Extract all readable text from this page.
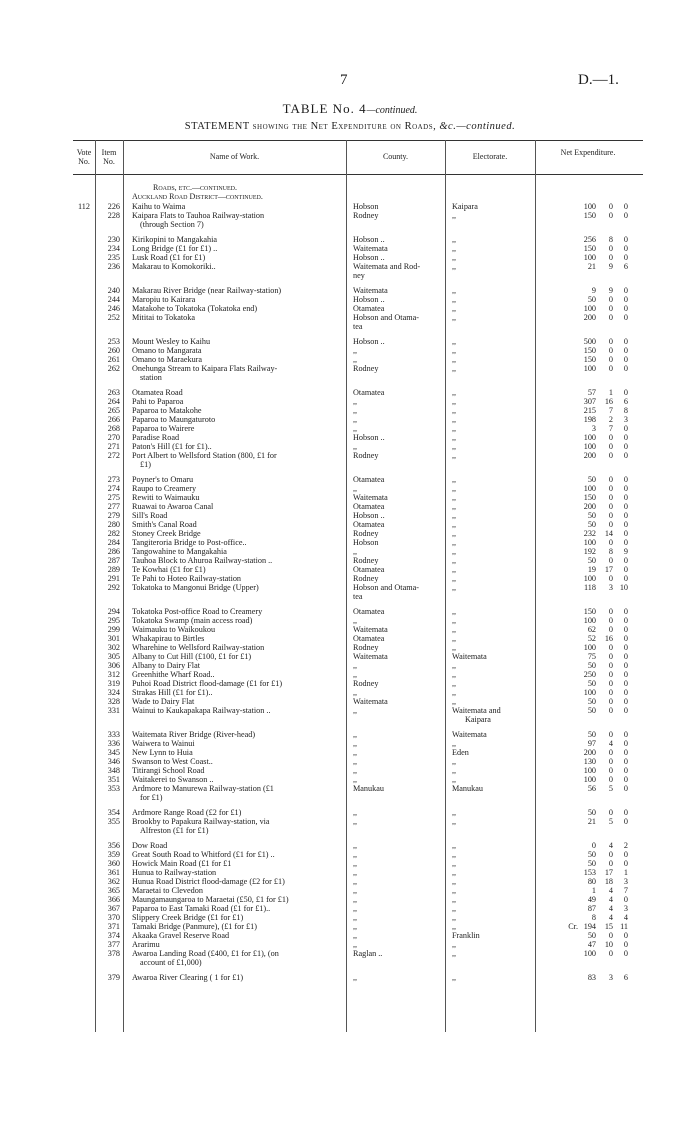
7	D.—1.
TABLE No. 4—continued.
STATEMENT showing the Net Expenditure on Roads, &c.—continued.
Vote No.
Item No.
Name of Work.	County.	Electorate.	Net Expenditure.
Roads, etc.—continued.
Auckland Road District—continued.
112	226 Kaihu to Waima	Hobson	Kaipara	100	0	0
228 Kaipara Flats to Tauhoa Railway-station	Rodney	,,	150	0	0
(through Section 7)
230 Kirikopini to Mangakahia	Hobson ..	,,	256	8	0
234 Long Bridge (£1 for £1) ..	Waitemata	,,	150	0	0
235 Lusk Road (£1 for £1)	Hobson ..	,,	100	0	0
236 Makarau to Komokoriki..	Waitemata and Rod-	,,	21	9	6
ney
240 Makarau River Bridge (near Railway-station)	Waitemata	,,	9	9	0
244 Maropiu to Kairara	Hobson ..	,,	50	0	0
246 Matakohe to Tokatoka (Tokatoka end)	Otamatea	,,	100	0	0
252 Mititai to Tokatoka	Hobson and Otama-	,,	200	0	0
tea
253 Mount Wesley to Kaihu	Hobson ..	,,	500	0	0
260 Omano to Mangarata	,,	,,	150	0	0
261 Omano to Maraekura	,,	,,	150	0	0
262 Onehunga Stream to Kaipara Flats Railway-	Rodney	,,	100	0	0
station
263 Otamatea Road	Otamatea	,,	57	1	0
264 Pahi to Paparoa	,,	,,	307	16	6
265 Paparoa to Matakohe	,,	,,	215	7	8
266 Paparoa to Maungaturoto	,,	,,	198	2	3
268 Paparoa to Wairere	,,	,,	3	7	0
270 Paradise Road	Hobson ..	,,	100	0	0
271 Paton's Hill (£1 for £1)..	,,	,,	100	0	0
272 Port Albert to Wellsford Station (800, £1 for	Rodney	,,	200	0	0
£1)
273 Poyner's to Omaru	Otamatea	,,	50	0	0
274 Raupo to Creamery	,,	,,	100	0	0
275 Rewiti to Waimauku	Waitemata	,,	150	0	0
277 Ruawai to Awaroa Canal	Otamatea	,,	200	0	0
279 Sill's Road	Hobson ..	,,	50	0	0
280 Smith's Canal Road	Otamatea	,,	50	0	0
282 Stoney Creek Bridge	Rodney	,,	232	14	0
284 Tangiteroria Bridge to Post-office..	Hobson	,,	100	0	0
286 Tangowahine to Mangakahia	,,	,,	192	8	9
287 Tauhoa Block to Ahuroa Railway-station ..	Rodney	,,	50	0	0
289 Te Kowhai (£1 for £1)	Otamatea	,,	19	17	0
291 Te Pahi to Hoteo Railway-station	Rodney	,,	100	0	0
292 Tokatoka to Mangonui Bridge (Upper)	Hobson and Otama-	,,	118	3 10
tea
294 Tokatoka Post-office Road to Creamery	Otamatea	,,	150	0	0
295 Tokatoka Swamp (main access road)	,,	,,	100	0	0
299 Waimauku to Waikoukou	Waitemata	,,	62	0	0
301 Whakapirau to Birtles	Otamatea	,,	52	16	0
302 Wharehine to Wellsford Railway-station	Rodney	,,	100	0	0
305 Albany to Cut Hill (£100, £1 for £1)	Waitemata	Waitemata	75	0	0
306 Albany to Dairy Flat	,,	,,	50	0	0
312 Greenhithe Wharf Road..	,,	,,	250	0	0
319 Puhoi Road District flood-damage (£1 for £1)	Rodney	,,	50	0	0
324 Strakas Hill (£1 for £1)..	,,	,,	100	0	0
328 Wade to Dairy Flat	Waitemata	,,	50	0	0
331 Wainui to Kaukapakapa Railway-station ..	,,	Waitemata and	50	0	0
Kaipara
333 Waitemata River Bridge (River-head)	,,	Waitemata	50	0	0
336 Waiwera to Wainui	,,	,,	97	4	0
345 New Lynn to Huia	,,	Eden	200	0	0
346 Swanson to West Coast..	,,	,,	130	0	0
348 Titirangi School Road	,,	,,	100	0	0
351 Waitakerei to Swanson ..	,,	,,	100	0	0
353 Ardmore to Manurewa Railway-station (£1	Manukau	Manukau	56	5	0
for £1)
354 Ardmore Range Road (£2 for £1)	,,	,,	50	0	0
355 Brookby to Papakura Railway-station, via	,,	,,	21	5	0
Alfreston (£1 for £1)
356 Dow Road	,,	,,	0	4	2
359 Great South Road to Whitford (£1 for £1) ..	,,	,,	50	0	0
360 Howick Main Road (£1 for £1	,,	,,	50	0	0
361 Hunua to Railway-station	,,	,,	153	17	1
362 Hunua Road District flood-damage (£2 for £1)	,,	,,	80	18	3
365 Maraetai to Clevedon	,,	,,	1	4	7
366 Maungamaungaroa to Maraetai (£50, £1 for £1)	,,	,,	49	4	0
367 Paparoa to East Tamaki Road (£1 for £1)..	,,	,,	87	4	3
370 Slippery Creek Bridge (£1 for £1)	,,	,,	8	4	4
371 Tamaki Bridge (Panmure), (£1 for £1)	,,	,,	Cr. 194	15 11
374 Akaaka Gravel Reserve Road	,,	Franklin	50	0	0
377 Ararimu	,,	,,	47	10	0
378 Awaroa Landing Road (£400, £1 for £1), (on	Raglan ..	,,	100	0	0
account of £1,000)
379 Awaroa River Clearing ( 1 for £1)	,,	,,	83	3	6
